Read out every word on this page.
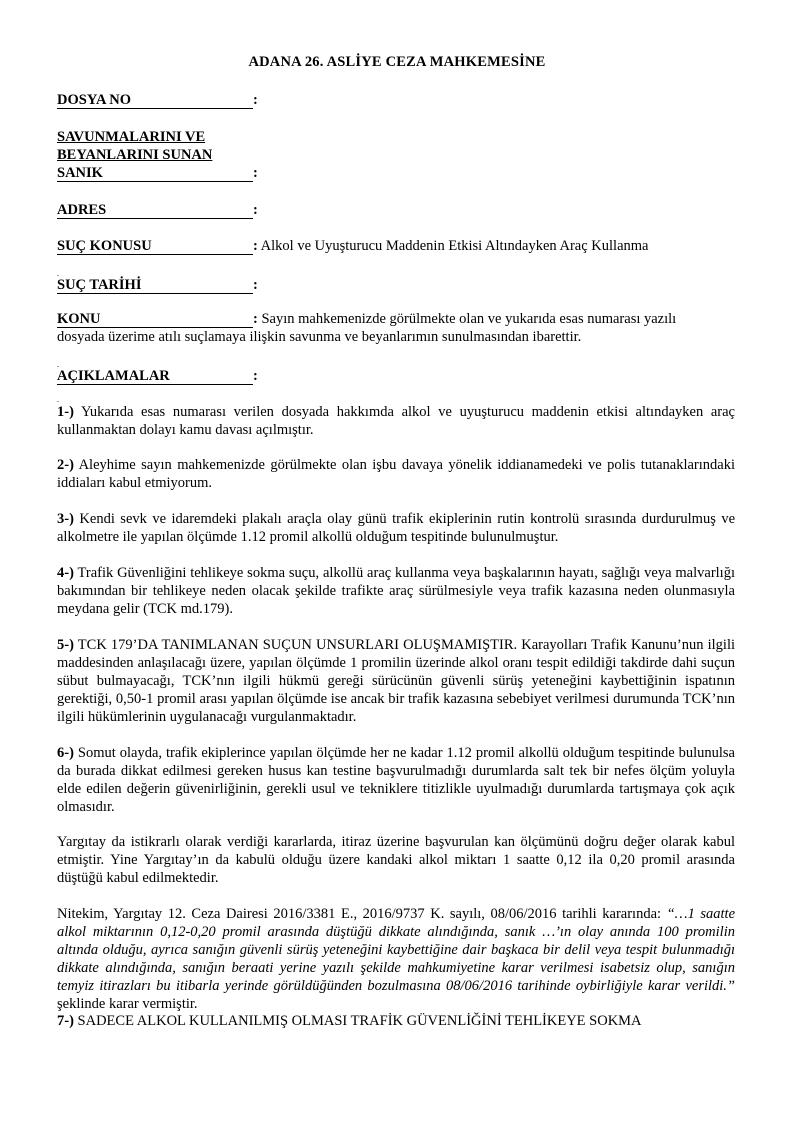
ADANA 26. ASLİYE CEZA MAHKEMESİNE
DOSYA NO	:
SAVUNMALARINI VE
BEYANLARINI SUNAN
SANIK	:
ADRES	:
SUÇ KONUSU	: Alkol ve Uyuşturucu Maddenin Etkisi Altındayken Araç Kullanma
.
SUÇ TARİHİ	:
KONU	: Sayın mahkemenizde görülmekte olan ve yukarıda esas numarası yazılı
dosyada üzerime atılı suçlamaya ilişkin savunma ve beyanlarımın sunulmasından ibarettir.
.
AÇIKLAMALAR	:
.
1-) Yukarıda esas numarası verilen dosyada hakkımda alkol ve uyuşturucu maddenin etkisi altındayken araç kullanmaktan dolayı kamu davası açılmıştır.
2-) Aleyhime sayın mahkemenizde görülmekte olan işbu davaya yönelik iddianamedeki ve polis tutanaklarındaki iddiaları kabul etmiyorum.
3-) Kendi sevk ve idaremdeki plakalı araçla olay günü trafik ekiplerinin rutin kontrolü sırasında durdurulmuş ve alkolmetre ile yapılan ölçümde 1.12 promil alkollü olduğum tespitinde bulunulmuştur.
4-) Trafik Güvenliğini tehlikeye sokma suçu, alkollü araç kullanma veya başkalarının hayatı, sağlığı veya malvarlığı bakımından bir tehlikeye neden olacak şekilde trafikte araç sürülmesiyle veya trafik kazasına neden olunmasıyla meydana gelir (TCK md.179).
5-) TCK 179’DA TANIMLANAN SUÇUN UNSURLARI OLUŞMAMIŞTIR. Karayolları Trafik Kanunu’nun ilgili maddesinden anlaşılacağı üzere, yapılan ölçümde 1 promilin üzerinde alkol oranı tespit edildiği takdirde dahi suçun sübut bulmayacağı, TCK’nın ilgili hükmü gereği sürücünün güvenli sürüş yeteneğini kaybettiğinin ispatının gerektiği, 0,50-1 promil arası yapılan ölçümde ise ancak bir trafik kazasına sebebiyet verilmesi durumunda TCK’nın ilgili hükümlerinin uygulanacağı vurgulanmaktadır.
6-) Somut olayda, trafik ekiplerince yapılan ölçümde her ne kadar 1.12 promil alkollü olduğum tespitinde bulunulsa da burada dikkat edilmesi gereken husus kan testine başvurulmadığı durumlarda salt tek bir nefes ölçüm yoluyla elde edilen değerin güvenirliğinin, gerekli usul ve tekniklere titizlikle uyulmadığı durumlarda tartışmaya çok açık olmasıdır.
Yargıtay da istikrarlı olarak verdiği kararlarda, itiraz üzerine başvurulan kan ölçümünü doğru değer olarak kabul etmiştir. Yine Yargıtay’ın da kabulü olduğu üzere kandaki alkol miktarı 1 saatte 0,12 ila 0,20 promil arasında düştüğü kabul edilmektedir.
Nitekim, Yargıtay 12. Ceza Dairesi 2016/3381 E., 2016/9737 K. sayılı, 08/06/2016 tarihli kararında: “…1 saatte alkol miktarının 0,12-0,20 promil arasında düştüğü dikkate alındığında, sanık …’ın olay anında 100 promilin altında olduğu, ayrıca sanığın güvenli sürüş yeteneğini kaybettiğine dair başkaca bir delil veya tespit bulunmadığı dikkate alındığında, sanığın beraati yerine yazılı şekilde mahkumiyetine karar verilmesi isabetsiz olup, sanığın temyiz itirazları bu itibarla yerinde görüldüğünden bozulmasına 08/06/2016 tarihinde oybirliğiyle karar verildi.” şeklinde karar vermiştir.
7-) SADECE ALKOL KULLANILMIŞ OLMASI TRAFİK GÜVENLİĞİNİ TEHLİKEYE SOKMA
